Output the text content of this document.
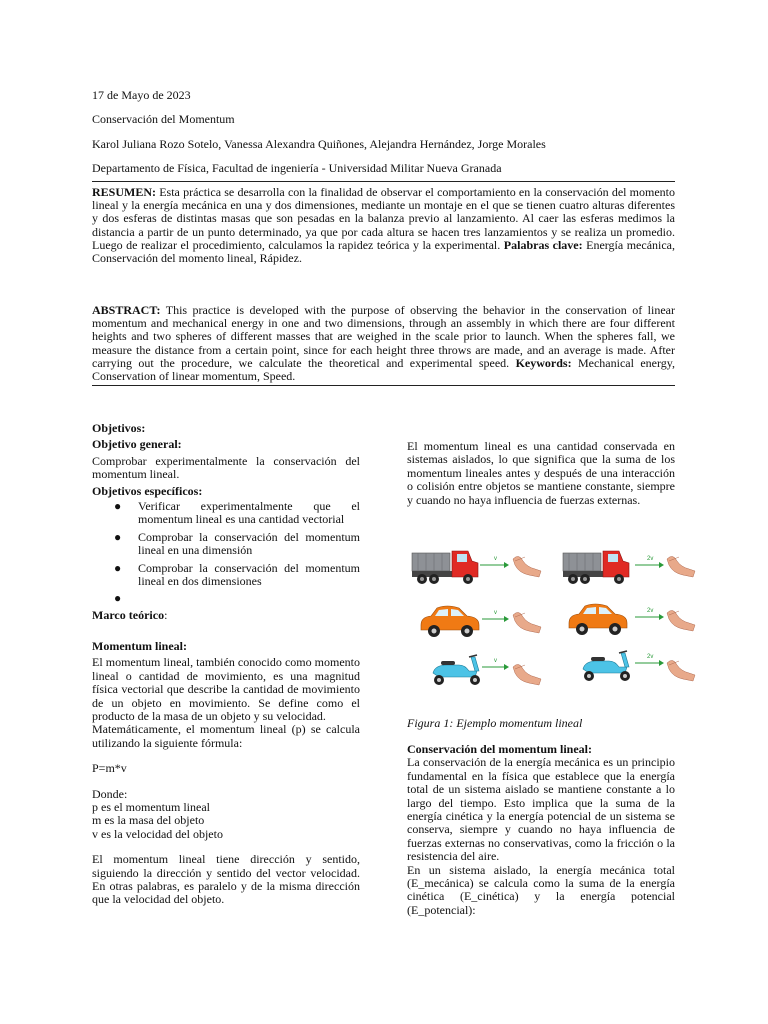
17 de Mayo de 2023
Conservación del Momentum
Karol Juliana Rozo Sotelo, Vanessa Alexandra Quiñones, Alejandra Hernández, Jorge Morales
Departamento de Física, Facultad de ingeniería - Universidad Militar Nueva Granada
RESUMEN: Esta práctica se desarrolla con la finalidad de observar el comportamiento en la conservación del momento lineal y la energía mecánica en una y dos dimensiones, mediante un montaje en el que se tienen cuatro alturas diferentes y dos esferas de distintas masas que son pesadas en la balanza previo al lanzamiento. Al caer las esferas medimos la distancia a partir de un punto determinado, ya que por cada altura se hacen tres lanzamientos y se realiza un promedio. Luego de realizar el procedimiento, calculamos la rapidez teórica y la experimental. Palabras clave: Energía mecánica, Conservación del momento lineal, Rápidez.
ABSTRACT: This practice is developed with the purpose of observing the behavior in the conservation of linear momentum and mechanical energy in one and two dimensions, through an assembly in which there are four different heights and two spheres of different masses that are weighed in the scale prior to launch. When the spheres fall, we measure the distance from a certain point, since for each height three throws are made, and an average is made. After carrying out the procedure, we calculate the theoretical and experimental speed. Keywords: Mechanical energy, Conservation of linear momentum, Speed.

Objetivos:

Objetivo general:

Comprobar experimentalmente la conservación del momentum lineal.

Objetivos específicos:

● Verificar experimentalmente que el momentum lineal es una cantidad vectorial
● Comprobar la conservación del momentum lineal en una dimensión
● Comprobar la conservación del momentum lineal en dos dimensiones
●

Marco teórico:

Momentum lineal:

El momentum lineal, también conocido como momento lineal o cantidad de movimiento, es una magnitud física vectorial que describe la cantidad de movimiento de un objeto en movimiento. Se define como el producto de la masa de un objeto y su velocidad.

Matemáticamente, el momentum lineal (p) se calcula utilizando la siguiente fórmula:

P=m*v

Donde:

p es el momentum lineal

m es la masa del objeto

v es la velocidad del objeto

El momentum lineal tiene dirección y sentido, siguiendo la dirección y sentido del vector velocidad. En otras palabras, es paralelo y de la misma dirección que la velocidad del objeto.

El momentum lineal es una cantidad conservada en sistemas aislados, lo que significa que la suma de los momentum lineales antes y después de una interacción o colisión entre objetos se mantiene constante, siempre y cuando no haya influencia de fuerzas externas.

v	2v
v	2v
v
2v
Figura 1: Ejemplo momentum lineal

Conservación del momentum lineal:

La conservación de la energía mecánica es un principio fundamental en la física que establece que la energía total de un sistema aislado se mantiene constante a lo largo del tiempo. Esto implica que la suma de la energía cinética y la energía potencial de un sistema se conserva, siempre y cuando no haya influencia de fuerzas externas no conservativas, como la fricción o la resistencia del aire.

En un sistema aislado, la energía mecánica total (E_mecánica) se calcula como la suma de la energía cinética (E_cinética) y la energía potencial (E_potencial):
